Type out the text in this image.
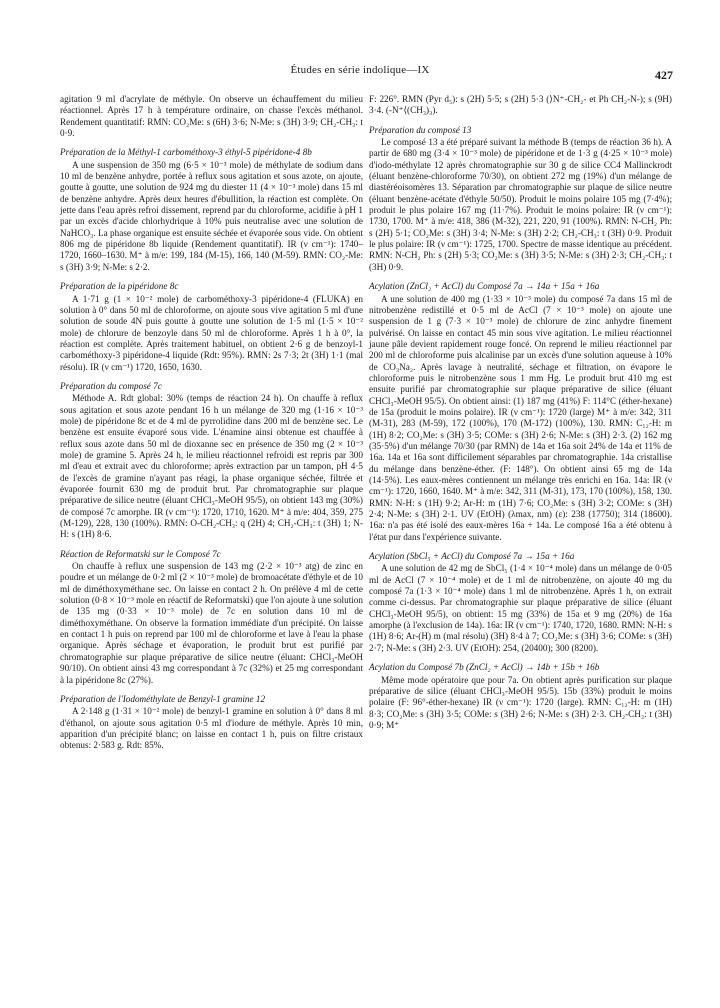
Études en série indolique—IX	427

agitation 9 ml d'acrylate de méthyle. On observe un échauffement du milieu réactionnel. Après 17 h à température ordinaire, on chasse l'excès méthanol. Rendement quantitatif: RMN: CO₂Me: s (6H) 3·6; N-Me: s (3H) 3·9; CH₂-CH₃: t 0·9.

Préparation de la Méthyl-1 carbométhoxy-3 éthyl-5 pipéridone-4 8b

A une suspension de 350 mg (6·5 × 10⁻³ mole) de méthylate de sodium dans 10 ml de benzène anhydre, portée à reflux sous agitation et sous azote, on ajoute, goutte à goutte, une solution de 924 mg du diester 11 (4 × 10⁻³ mole) dans 15 ml de benzène anhydre. Après deux heures d'ébullition, la réaction est complète. On jette dans l'eau après refroi dissement, reprend par du chloroforme, acidifie à pH 1 par un excès d'acide chlorhydrique à 10% puis neutralise avec une solution de NaHCO₃. La phase organique est ensuite séchée et évaporée sous vide. On obtient 806 mg de pipéridone 8b liquide (Rendement quantitatif). IR (ν cm⁻¹): 1740–1720, 1660–1630. M⁺ à m/e: 199, 184 (M-15), 166, 140 (M-59). RMN: CO₂-Me: s (3H) 3·9; N-Me: s 2·2.

Préparation de la pipéridone 8c

A 1·71 g (1 × 10⁻² mole) de carbométhoxy-3 pipéridone-4 (FLUKA) en solution à 0° dans 50 ml de chloroforme, on ajoute sous vive agitation 5 ml d'une solution de soude 4N puis goutte à goutte une solution de 1·5 ml (1·5 × 10⁻² mole) de chlorure de benzoyle dans 50 ml de chloroforme. Après 1 h à 0°, la réaction est complète. Après traitement habituel, on obtient 2·6 g de benzoyl-1 carbométhoxy-3 pipéridone-4 liquide (Rdt: 95%). RMN: 2s 7·3; 2t (3H) 1·1 (mal résolu). IR (ν cm⁻¹) 1720, 1650, 1630.

Préparation du composé 7c

Méthode A. Rdt global: 30% (temps de réaction 24 h). On chauffe à reflux sous agitation et sous azote pendant 16 h un mélange de 320 mg (1·16 × 10⁻³ mole) de pipéridone 8c et de 4 ml de pyrrolidine dans 200 ml de benzène sec. Le benzène est ensuite évaporé sous vide. L'énamine ainsi obtenue est chauffée à reflux sous azote dans 50 ml de dioxanne sec en présence de 350 mg (2 × 10⁻³ mole) de gramine 5. Après 24 h, le milieu réactionnel refroidi est repris par 300 ml d'eau et extrait avec du chloroforme; après extraction par un tampon, pH 4·5 de l'excès de gramine n'ayant pas réagi, la phase organique séchée, filtrée et évaporée fournit 630 mg de produit brut. Par chromatographie sur plaque préparative de silice neutre (éluant CHCl₃-MeOH 95/5), on obtient 143 mg (30%) de composé 7c amorphe. IR (ν cm⁻¹): 1720, 1710, 1620. M⁺ à m/e: 404, 359, 275 (M-129), 228, 130 (100%). RMN: O-CH₂-CH₃: q (2H) 4; CH₂-CH₃: t (3H) 1; N-H: s (1H) 8·6.

Réaction de Reformatski sur le Composé 7c

On chauffe à reflux une suspension de 143 mg (2·2 × 10⁻³ atg) de zinc en poudre et un mélange de 0·2 ml (2 × 10⁻³ mole) de bromoacétate d'éthyle et de 10 ml de diméthoxyméthane sec. On laisse en contact 2 h. On prélève 4 ml de cette solution (0·8 × 10⁻³ mole en réactif de Reformatski) que l'on ajoute à une solution de 135 mg (0·33 × 10⁻³ mole) de 7c en solution dans 10 ml de diméthoxyméthane. On observe la formation immédiate d'un précipité. On laisse en contact 1 h puis on reprend par 100 ml de chloroforme et lave à l'eau la phase organique. Après séchage et évaporation, le produit brut est purifié par chromatographie sur plaque préparative de silice neutre (éluant: CHCl₃-MeOH 90/10). On obtient ainsi 43 mg correspondant à 7c (32%) et 25 mg correspondant à la pipéridone 8c (27%).

Préparation de l'Iodométhylate de Benzyl-1 gramine 12

A 2·148 g (1·31 × 10⁻² mole) de benzyl-1 gramine en solution à 0° dans 8 ml d'éthanol, on ajoute sous agitation 0·5 ml d'iodure de méthyle. Après 10 min, apparition d'un précipité blanc; on laisse en contact 1 h, puis on filtre cristaux obtenus: 2·583 g. Rdt: 85%.

F: 226°. RMN (Pyr d₅): s (2H) 5·5; s (2H) 5·3 (⟩N⁺-CH₂- et Ph CH₂-N-); s (9H) 3·4. (-N⁺⟨(CH₃)₃).

Préparation du composé 13

Le composé 13 a été préparé suivant la méthode B (temps de réaction 36 h). A partir de 680 mg (3·4 × 10⁻³ mole) de pipéridone et de 1·3 g (4·25 × 10⁻³ mole) d'iodo-méthylate 12 après chromatographie sur 30 g de silice CC4 Mallinckrodt (éluant benzène-chloroforme 70/30), on obtient 272 mg (19%) d'un mélange de diastéréoisomères 13. Séparation par chromatographie sur plaque de silice neutre (éluant benzène-acétate d'éthyle 50/50). Produit le moins polaire 105 mg (7·4%); produit le plus polaire 167 mg (11·7%). Produit le moins polaire: IR (ν cm⁻¹): 1730, 1700. M⁺ à m/e: 418, 386 (M-32), 221, 220, 91 (100%). RMN: N-CH₂ Ph: s (2H) 5·1; CO₂Me: s (3H) 3·4; N-Me: s (3H) 2·2; CH₂-CH₃: t (3H) 0·9. Produit le plus polaire: IR (ν cm⁻¹): 1725, 1700. Spectre de masse identique au précédent. RMN: N-CH₂ Ph: s (2H) 5·3; CO₂Me: s (3H) 3·5; N-Me: s (3H) 2·3; CH₂-CH₃: t (3H) 0·9.

Acylation (ZnCl₂ + AcCl) du Composé 7a → 14a + 15a + 16a

A une solution de 400 mg (1·33 × 10⁻³ mole) du composé 7a dans 15 ml de nitrobenzène redistillé et 0·5 ml de AcCl (7 × 10⁻³ mole) on ajoute une suspension de 1 g (7·3 × 10⁻³ mole) de chlorure de zinc anhydre finement pulvérisé. On laisse en contact 45 min sous vive agitation. Le milieu réactionnel jaune pâle devient rapidement rouge foncé. On reprend le milieu réactionnel par 200 ml de chloroforme puis alcalinise par un excès d'une solution aqueuse à 10% de CO₃Na₂. Après lavage à neutralité, séchage et filtration, on évapore le chloroforme puis le nitrobenzène sous 1 mm Hg. Le produit brut 410 mg est ensuite purifié par chromatographie sur plaque préparative de silice (éluant CHCl₃-MeOH 95/5). On obtient ainsi: (1) 187 mg (41%) F: 114°C (éther-hexane) de 15a (produit le moins polaire). IR (ν cm⁻¹): 1720 (large) M⁺ à m/e: 342, 311 (M-31), 283 (M-59), 172 (100%), 170 (M-172) (100%), 130. RMN: C₁₂-H: m (1H) 8·2; CO₂Me: s (3H) 3·5; COMe: s (3H) 2·6; N-Me: s (3H) 2·3. (2) 162 mg (35·5%) d'un mélange 70/30 (par RMN) de 14a et 16a soit 24% de 14a et 11% de 16a. 14a et 16a sont difficilement séparables par chromatographie. 14a cristallise du mélange dans benzène-éther. (F: 148°). On obtient ainsi 65 mg de 14a (14·5%). Les eaux-mères contiennent un mélange très enrichi en 16a. 14a: IR (ν cm⁻¹): 1720, 1660, 1640. M⁺ à m/e: 342, 311 (M-31), 173, 170 (100%), 158, 130. RMN: N-H: s (1H) 9·2; Ar-H: m (1H) 7·6; CO₂Me: s (3H) 3·2; COMe: s (3H) 2·4; N-Me: s (3H) 2·1. UV (EtOH) (λmax, nm) (ε): 238 (17750); 314 (18600). 16a: n'a pas été isolé des eaux-mères 16a + 14a. Le composé 16a a été obtenu à l'état pur dans l'expérience suivante.

Acylation (SbCl₅ + AcCl) du Composé 7a → 15a + 16a

A une solution de 42 mg de SbCl₅ (1·4 × 10⁻⁴ mole) dans un mélange de 0·05 ml de AcCl (7 × 10⁻⁴ mole) et de 1 ml de nitrobenzène, on ajoute 40 mg du composé 7a (1·3 × 10⁻⁴ mole) dans 1 ml de nitrobenzène. Après 1 h, on extrait comme ci-dessus. Par chromatographie sur plaque préparative de silice (éluant CHCl₃-MeOH 95/5), on obtient: 15 mg (33%) de 15a et 9 mg (20%) de 16a amorphe (à l'exclusion de 14a). 16a: IR (ν cm⁻¹): 1740, 1720, 1680. RMN: N-H: s (1H) 8·6; Ar-(H) m (mal résolu) (3H) 8·4 à 7; CO₂Me: s (3H) 3·6; COMe: s (3H) 2·7; N-Me: s (3H) 2·3. UV (EtOH): 254, (20400); 300 (8200).

Acylation du Composé 7b (ZnCl₂ + AcCl) → 14b + 15b + 16b

Même mode opératoire que pour 7a. On obtient après purification sur plaque préparative de silice (éluant CHCl₃-MeOH 95/5). 15b (33%) produit le moins polaire (F: 96°-éther-hexane) IR (ν cm⁻¹): 1720 (large). RMN: C₁₂-H: m (1H) 8·3; CO₂Me: s (3H) 3·5; COMe: s (3H) 2·6; N-Me: s (3H) 2·3. CH₂-CH₃: t (3H) 0·9; M⁺
